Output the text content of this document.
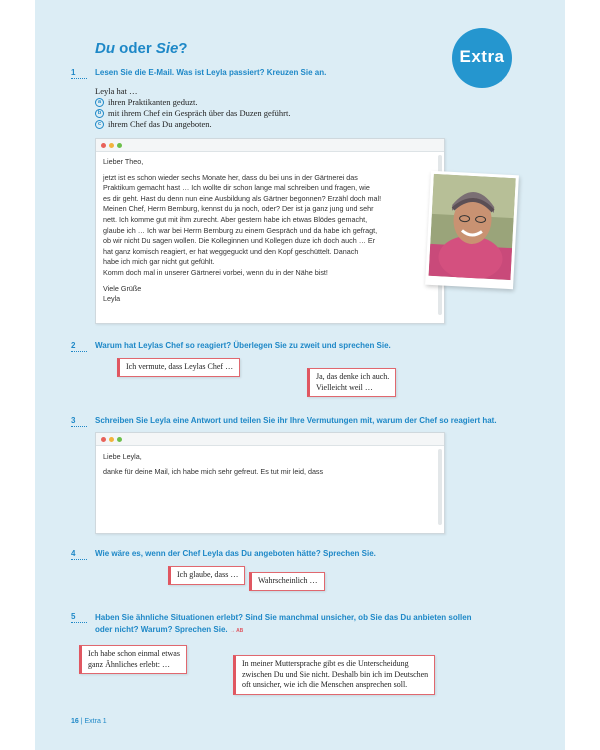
Du oder Sie?	Extra
1	Lesen Sie die E-Mail. Was ist Leyla passiert? Kreuzen Sie an.
Leyla hat …
a ihren Praktikanten geduzt.
b mit ihrem Chef ein Gespräch über das Duzen geführt.
c ihrem Chef das Du angeboten.
Lieber Theo,
jetzt ist es schon wieder sechs Monate her, dass du bei uns in der Gärtnerei das
Praktikum gemacht hast … Ich wollte dir schon lange mal schreiben und fragen, wie
es dir geht. Hast du denn nun eine Ausbildung als Gärtner begonnen? Erzähl doch mal!
Meinen Chef, Herrn Bernburg, kennst du ja noch, oder? Der ist ja ganz jung und sehr
nett. Ich komme gut mit ihm zurecht. Aber gestern habe ich etwas Blödes gemacht,
glaube ich … Ich war bei Herrn Bernburg zu einem Gespräch und da habe ich gefragt,
ob wir nicht Du sagen wollen. Die Kolleginnen und Kollegen duze ich doch auch … Er
hat ganz komisch reagiert, er hat weggeguckt und den Kopf geschüttelt. Danach
habe ich mich gar nicht gut gefühlt.
Komm doch mal in unserer Gärtnerei vorbei, wenn du in der Nähe bist!
Viele Grüße
Leyla
2	Warum hat Leylas Chef so reagiert? Überlegen Sie zu zweit und sprechen Sie.
Ich vermute, dass Leylas Chef …
Ja, das denke ich auch.
Vielleicht weil …
3	Schreiben Sie Leyla eine Antwort und teilen Sie ihr Ihre Vermutungen mit, warum der Chef so reagiert hat.
Liebe Leyla,
danke für deine Mail, ich habe mich sehr gefreut. Es tut mir leid, dass
4	Wie wäre es, wenn der Chef Leyla das Du angeboten hätte? Sprechen Sie.
Ich glaube, dass …
Wahrscheinlich …
5	Haben Sie ähnliche Situationen erlebt? Sind Sie manchmal unsicher, ob Sie das Du anbieten sollen
oder nicht? Warum? Sprechen Sie. → AB
Ich habe schon einmal etwas
ganz Ähnliches erlebt: …	In meiner Muttersprache gibt es die Unterscheidung
zwischen Du und Sie nicht. Deshalb bin ich im Deutschen
oft unsicher, wie ich die Menschen ansprechen soll.
16 | Extra 1
